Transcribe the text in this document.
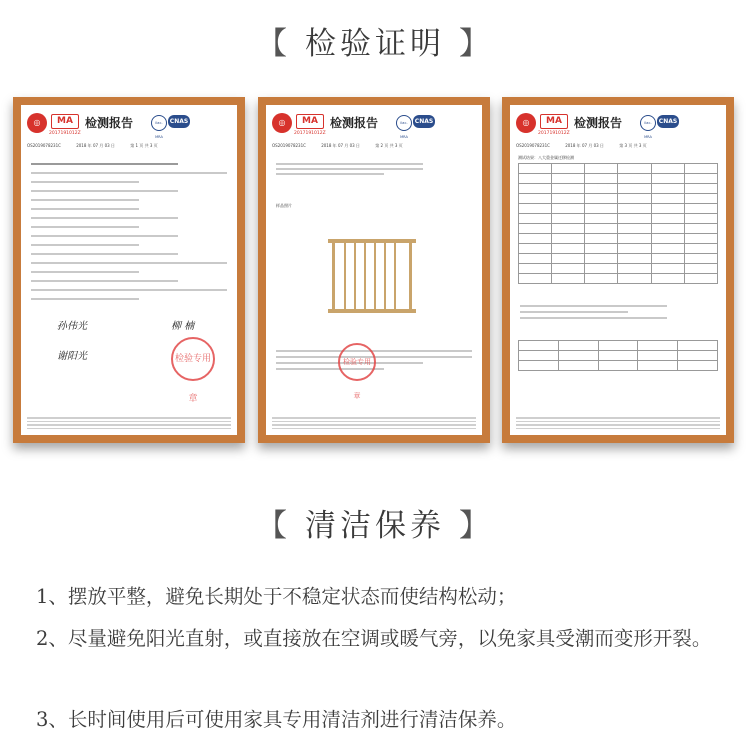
【 检验证明 】
◎	MA
2017191012Z
检测报告	ilac-MRA
CNAS
OS2019078231C	2018 年 07 月 03 日	第 1 页 共 3 页
孙伟光
谢阳光
柳 楠
检验专用章
◎	MA
2017191012Z
检测报告	ilac-MRA
CNAS
OS2019078231C	2018 年 07 月 03 日	第 2 页 共 3 页
样品照片
检验专用章
◎	MA
2017191012Z
检测报告	ilac-MRA
CNAS
OS2019078231C	2018 年 07 月 03 日	第 3 页 共 3 页
测试结果：八大重金属迁移检测

【 清洁保养 】
1、摆放平整，避免长期处于不稳定状态而使结构松动；
2、尽量避免阳光直射，或直接放在空调或暖气旁，以免家具受潮而变形开裂。
3、长时间使用后可使用家具专用清洁剂进行清洁保养。
